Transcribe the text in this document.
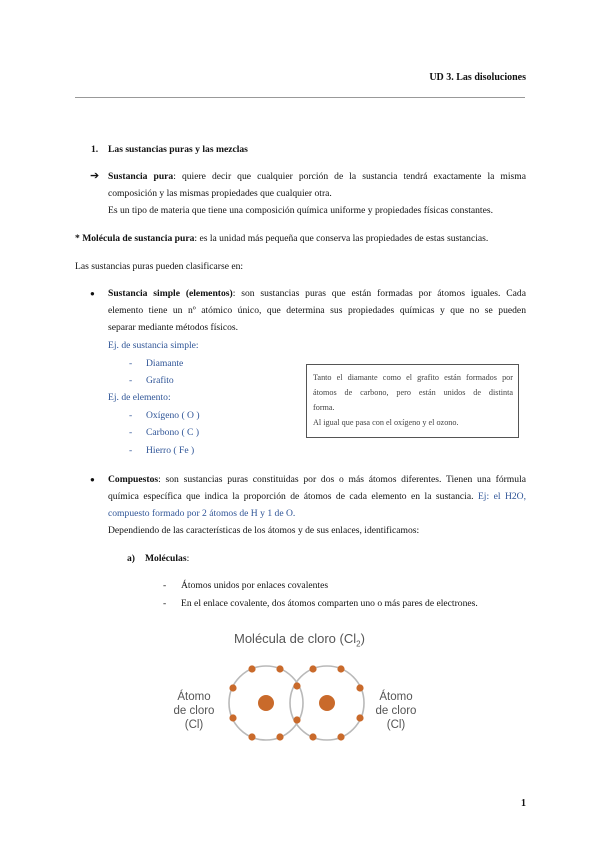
UD 3. Las disoluciones
1. Las sustancias puras y las mezclas
➔ Sustancia pura: quiere decir que cualquier porción de la sustancia tendrá exactamente la misma
composición y las mismas propiedades que cualquier otra.
Es un tipo de materia que tiene una composición química uniforme y propiedades físicas constantes.
* Molécula de sustancia pura: es la unidad más pequeña que conserva las propiedades de estas sustancias.
Las sustancias puras pueden clasificarse en:
● Sustancia simple (elementos): son sustancias puras que están formadas por átomos iguales. Cada
elemento tiene un nº atómico único, que determina sus propiedades químicas y que no se pueden
separar mediante métodos físicos.
Ej. de sustancia simple:
- Diamante
- Grafito
Ej. de elemento:
- Oxígeno ( O )
- Carbono ( C )
- Hierro ( Fe )
Tanto el diamante como el grafito están formados por
átomos de carbono, pero están unidos de distinta
forma.
Al igual que pasa con el oxígeno y el ozono.
● Compuestos: son sustancias puras constituidas por dos o más átomos diferentes. Tienen una fórmula
química específica que indica la proporción de átomos de cada elemento en la sustancia. Ej: el H2O,
compuesto formado por 2 átomos de H y 1 de O.
Dependiendo de las características de los átomos y de sus enlaces, identificamos:
a) Moléculas:
- Átomos unidos por enlaces covalentes
- En el enlace covalente, dos átomos comparten uno o más pares de electrones.
Molécula de cloro $(Cl_2)$
Átomo
de cloro
(Cl)
Átomo
de cloro
(Cl)
1
